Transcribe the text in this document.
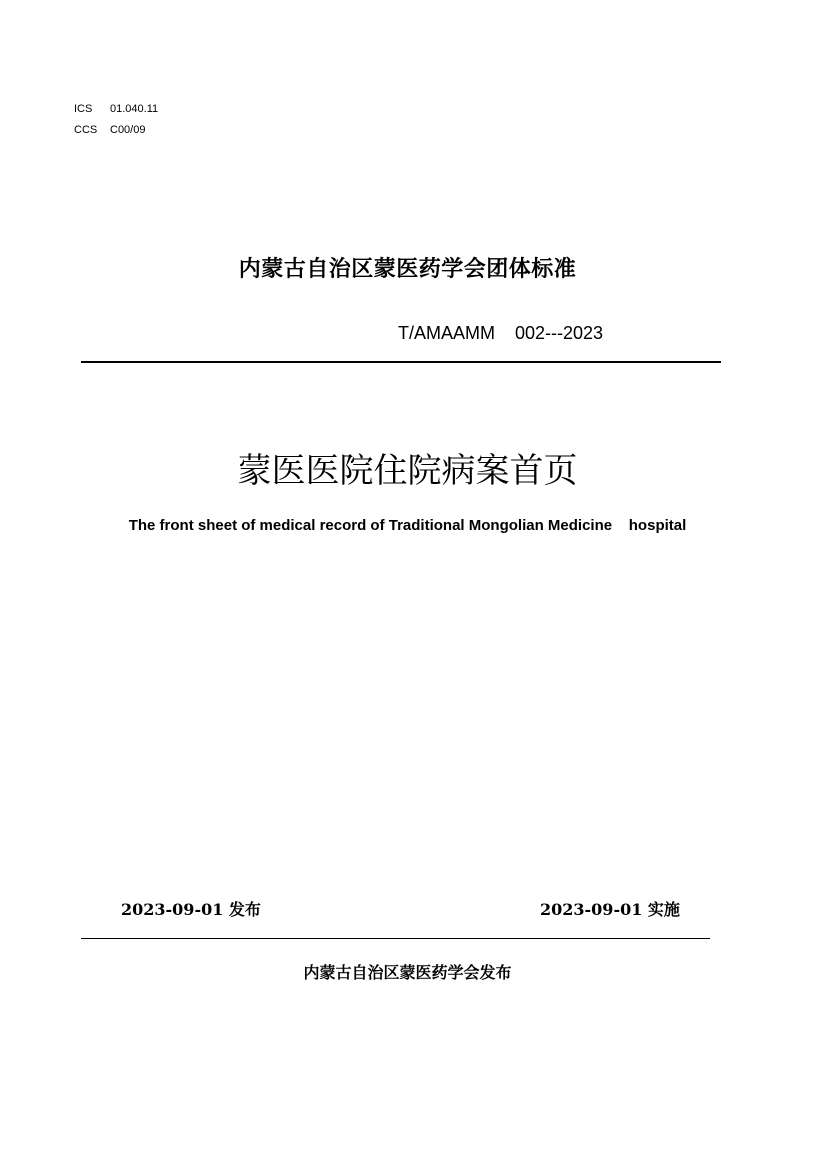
ICS 01.040.11
CCS C00/09
内蒙古自治区蒙医药学会团体标准
T/AMAAMM    002---2023
蒙医医院住院病案首页
The front sheet of medical record of Traditional Mongolian Medicine    hospital
2023-09-01 发布	2023-09-01 实施
内蒙古自治区蒙医药学会发布
